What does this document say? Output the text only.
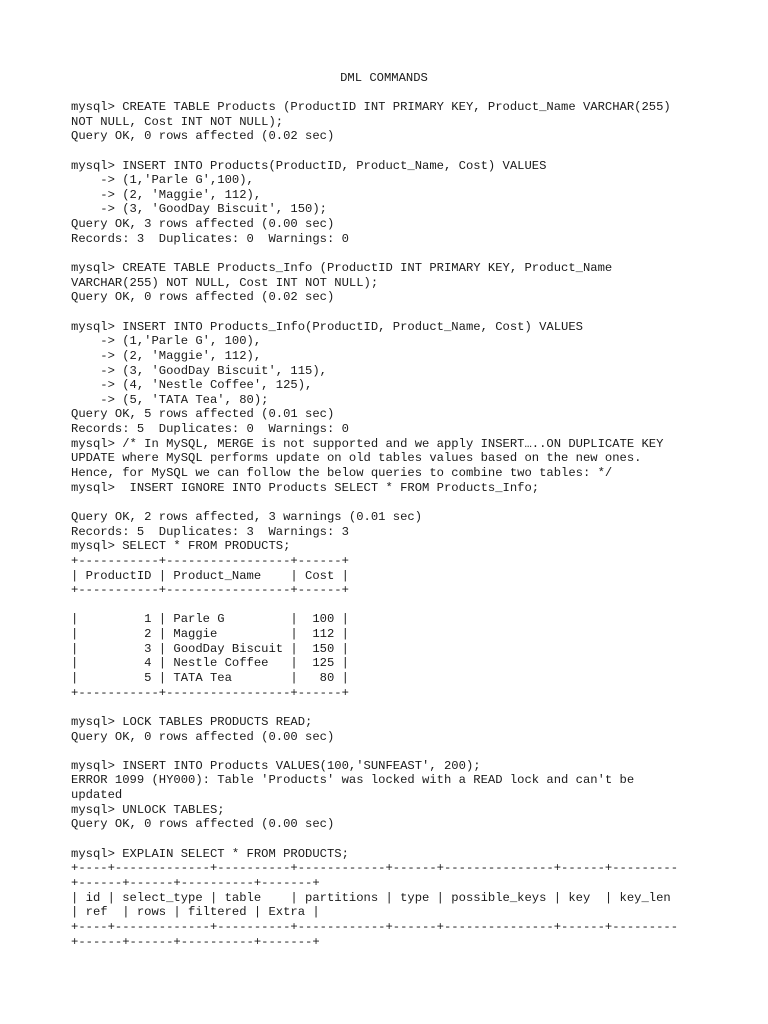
DML COMMANDS
mysql> CREATE TABLE Products (ProductID INT PRIMARY KEY, Product_Name VARCHAR(255)
NOT NULL, Cost INT NOT NULL);
Query OK, 0 rows affected (0.02 sec)

mysql> INSERT INTO Products(ProductID, Product_Name, Cost) VALUES
-> (1,'Parle G',100),
-> (2, 'Maggie', 112),
-> (3, 'GoodDay Biscuit', 150);
Query OK, 3 rows affected (0.00 sec)
Records: 3  Duplicates: 0  Warnings: 0

mysql> CREATE TABLE Products_Info (ProductID INT PRIMARY KEY, Product_Name
VARCHAR(255) NOT NULL, Cost INT NOT NULL);
Query OK, 0 rows affected (0.02 sec)

mysql> INSERT INTO Products_Info(ProductID, Product_Name, Cost) VALUES
-> (1,'Parle G', 100),
-> (2, 'Maggie', 112),
-> (3, 'GoodDay Biscuit', 115),
-> (4, 'Nestle Coffee', 125),
-> (5, 'TATA Tea', 80);
Query OK, 5 rows affected (0.01 sec)
Records: 5  Duplicates: 0  Warnings: 0
mysql> /* In MySQL, MERGE is not supported and we apply INSERT…..ON DUPLICATE KEY
UPDATE where MySQL performs update on old tables values based on the new ones.
Hence, for MySQL we can follow the below queries to combine two tables: */
mysql>  INSERT IGNORE INTO Products SELECT * FROM Products_Info;

Query OK, 2 rows affected, 3 warnings (0.01 sec)
Records: 5  Duplicates: 3  Warnings: 3
mysql> SELECT * FROM PRODUCTS;
+-----------+-----------------+------+
| ProductID | Product_Name    | Cost |
+-----------+-----------------+------+

|         1 | Parle G         |  100 |
|         2 | Maggie          |  112 |
|         3 | GoodDay Biscuit |  150 |
|         4 | Nestle Coffee   |  125 |
|         5 | TATA Tea        |   80 |
+-----------+-----------------+------+

mysql> LOCK TABLES PRODUCTS READ;
Query OK, 0 rows affected (0.00 sec)

mysql> INSERT INTO Products VALUES(100,'SUNFEAST', 200);
ERROR 1099 (HY000): Table 'Products' was locked with a READ lock and can't be
updated
mysql> UNLOCK TABLES;
Query OK, 0 rows affected (0.00 sec)

mysql> EXPLAIN SELECT * FROM PRODUCTS;
+----+-------------+----------+------------+------+---------------+------+---------
+------+------+----------+-------+
| id | select_type | table    | partitions | type | possible_keys | key  | key_len
| ref  | rows | filtered | Extra |
+----+-------------+----------+------------+------+---------------+------+---------
+------+------+----------+-------+
